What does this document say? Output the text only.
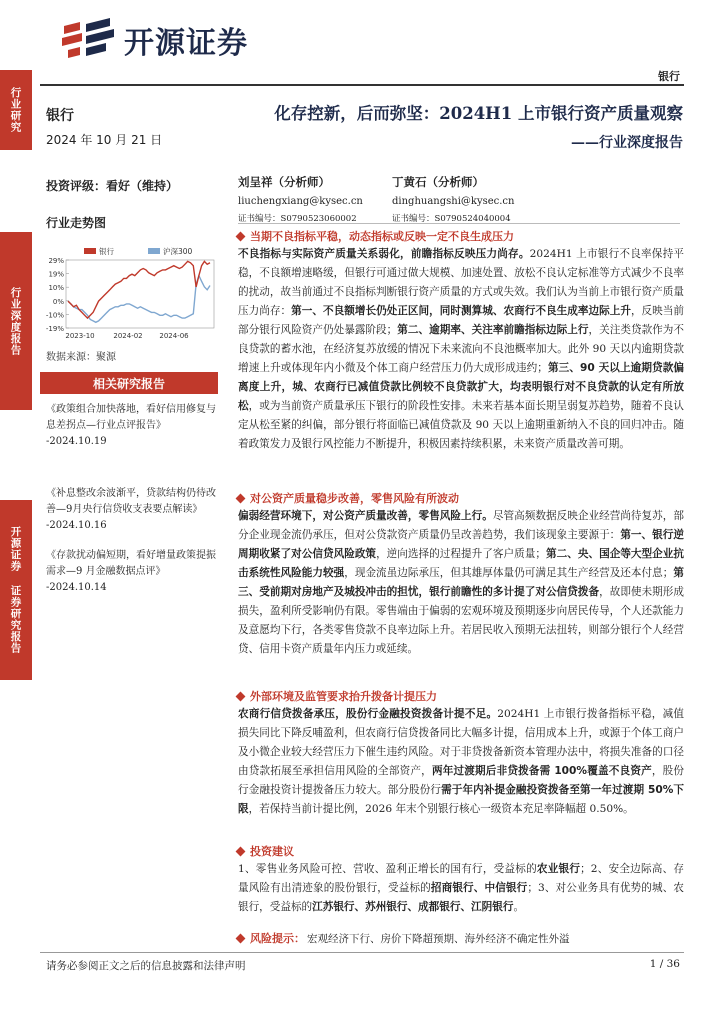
行业研究
行业深度报告
开源证券 证券研究报告
开源证券
银行
银行
2024 年 10 月 21 日
投资评级：看好（维持）
行业走势图
29%
19%
10%
0%
-10%
-19%
2023-10	2024-02 2024-06
银行	沪深300
数据来源：聚源
相关研究报告
《政策组合加快落地，看好信用修复与息差拐点—行业点评报告》
-2024.10.19
《补息整改余波渐平，贷款结构仍待改善—9月央行信贷收支表要点解读》
-2024.10.16
《存款扰动偏短期，看好增量政策提振需求—9 月金融数据点评》
-2024.10.14
化存控新，后而弥坚：2024H1 上市银行资产质量观察
——行业深度报告
刘呈祥（分析师）
liuchengxiang@kysec.cn
证书编号：S0790523060002
丁黄石（分析师）
dinghuangshi@kysec.cn
证书编号：S0790524040004
当期不良指标平稳，动态指标或反映一定不良生成压力
不良指标与实际资产质量关系弱化，前瞻指标反映压力尚存。2024H1 上市银行不良率保持平稳，不良额增速略缓，但银行可通过做大规模、加速处置、放松不良认定标准等方式减少不良率的扰动，故当前通过不良指标判断银行资产质量的方式或失效。我们认为当前上市银行资产质量压力尚存：第一、不良额增长仍处正区间，同时测算城、农商行不良生成率边际上升，反映当前部分银行风险资产仍处暴露阶段；第二、逾期率、关注率前瞻指标边际上行，关注类贷款作为不良贷款的蓄水池，在经济复苏放缓的情况下未来流向不良池概率加大。此外 90 天以内逾期贷款增速上升或体现年内小微及个体工商户经营压力仍大成形成违约；第三、90 天以上逾期贷款偏离度上升，城、农商行已减值贷款比例较不良贷款扩大，均表明银行对不良贷款的认定有所放松，或为当前资产质量承压下银行的阶段性安排。未来若基本面长期呈弱复苏趋势，随着不良认定从松至紧的纠偏，部分银行将面临已减值贷款及 90 天以上逾期重新纳入不良的回归冲击。随着政策发力及银行风控能力不断提升，积极因素持续积累，未来资产质量改善可期。
对公资产质量稳步改善，零售风险有所波动
偏弱经营环境下，对公资产质量改善，零售风险上行。尽管高频数据反映企业经营尚待复苏，部分企业现金流仍承压，但对公贷款资产质量仍呈改善趋势，我们该现象主要源于：第一、银行逆周期收紧了对公信贷风险政策，逆向选择的过程提升了客户质量；第二、央、国企等大型企业抗击系统性风险能力较强，现金流虽边际承压，但其雄厚体量仍可满足其生产经营及还本付息；第三、受前期对房地产及城投冲击的担忧，银行前瞻性的多计提了对公信贷拨备，故即使未期形成损失，盈利所受影响仍有限。零售端由于偏弱的宏观环境及预期逐步向居民传导，个人还款能力及意愿均下行，各类零售贷款不良率边际上升。若居民收入预期无法扭转，则部分银行个人经营贷、信用卡资产质量年内压力或延续。
外部环境及监管要求抬升拨备计提压力
农商行信贷拨备承压，股份行金融投资拨备计提不足。2024H1 上市银行拨备指标平稳，减值损失同比下降反哺盈利，但农商行信贷拨备同比大幅多计提，信用成本上升，或源于个体工商户及小微企业较大经营压力下催生违约风险。对于非贷拨备新资本管理办法中，将损失准备的口径由贷款拓展至承担信用风险的全部资产，两年过渡期后非贷拨备需 100%覆盖不良资产，股份行金融投资计提拨备压力较大。部分股份行需于年内补提金融投资拨备至第一年过渡期 50%下限，若保持当前计提比例，2026 年末个别银行核心一级资本充足率降幅超 0.50%。
投资建议
1、零售业务风险可控、营收、盈利正增长的国有行，受益标的农业银行；2、安全边际高、存量风险有出清迹象的股份银行，受益标的招商银行、中信银行；3、对公业务具有优势的城、农银行，受益标的江苏银行、苏州银行、成都银行、江阴银行。
风险提示： 宏观经济下行、房价下降超预期、海外经济不确定性外溢
请务必参阅正文之后的信息披露和法律声明	1 / 36
